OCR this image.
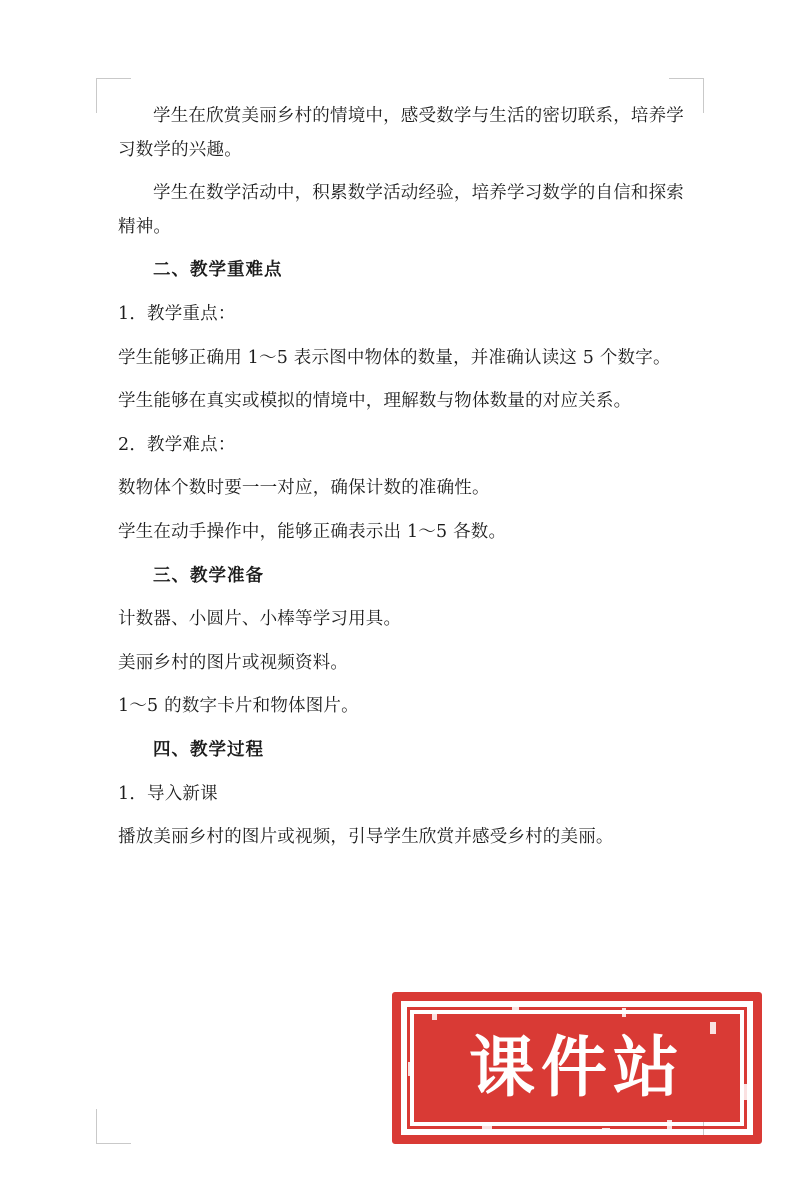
学生在欣赏美丽乡村的情境中，感受数学与生活的密切联系，培养学习数学的兴趣。

学生在数学活动中，积累数学活动经验，培养学习数学的自信和探索精神。

二、教学重难点

1．教学重点：

学生能够正确用 1～5 表示图中物体的数量，并准确认读这 5 个数字。

学生能够在真实或模拟的情境中，理解数与物体数量的对应关系。

2．教学难点：

数物体个数时要一一对应，确保计数的准确性。

学生在动手操作中，能够正确表示出 1～5 各数。

三、教学准备

计数器、小圆片、小棒等学习用具。

美丽乡村的图片或视频资料。

1～5 的数字卡片和物体图片。

四、教学过程

1．导入新课

播放美丽乡村的图片或视频，引导学生欣赏并感受乡村的美丽。

课件站
